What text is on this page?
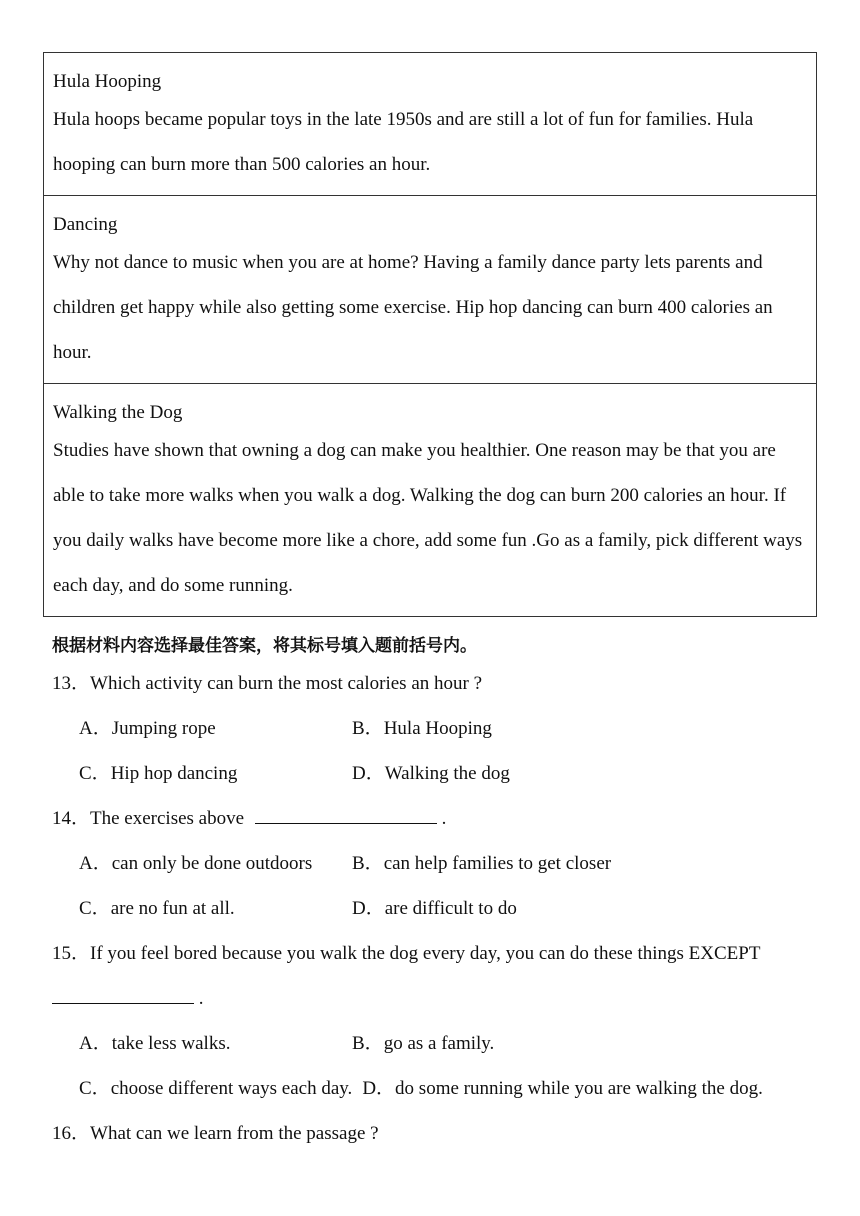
Hula Hooping
Hula hoops became popular toys in the late 1950s and are still a lot of fun for families. Hula hooping can burn more than 500 calories an hour.

Dancing
Why not dance to music when you are at home? Having a family dance party lets parents and children get happy while also getting some exercise. Hip hop dancing can burn 400 calories an hour.

Walking the Dog
Studies have shown that owning a dog can make you healthier. One reason may be that you are able to take more walks when you walk a dog. Walking the dog can burn 200 calories an hour. If you daily walks have become more like a chore, add some fun .Go as a family, pick different ways each day, and do some running.
根据材料内容选择最佳答案，将其标号填入题前括号内。
13．Which activity can burn the most calories an hour ?
A．Jumping rope	B．Hula Hooping
C．Hip hop dancing	D．Walking the dog
14．The exercises above	.
A．can only be done outdoors	B．can help families to get closer
C．are no fun at all.	D．are difficult to do
15．If you feel bored because you walk the dog every day, you can do these things EXCEPT
.
A．take less walks.	B．go as a family.
C．choose different ways each day. D．do some running while you are walking the dog.
16．What can we learn from the passage ?
